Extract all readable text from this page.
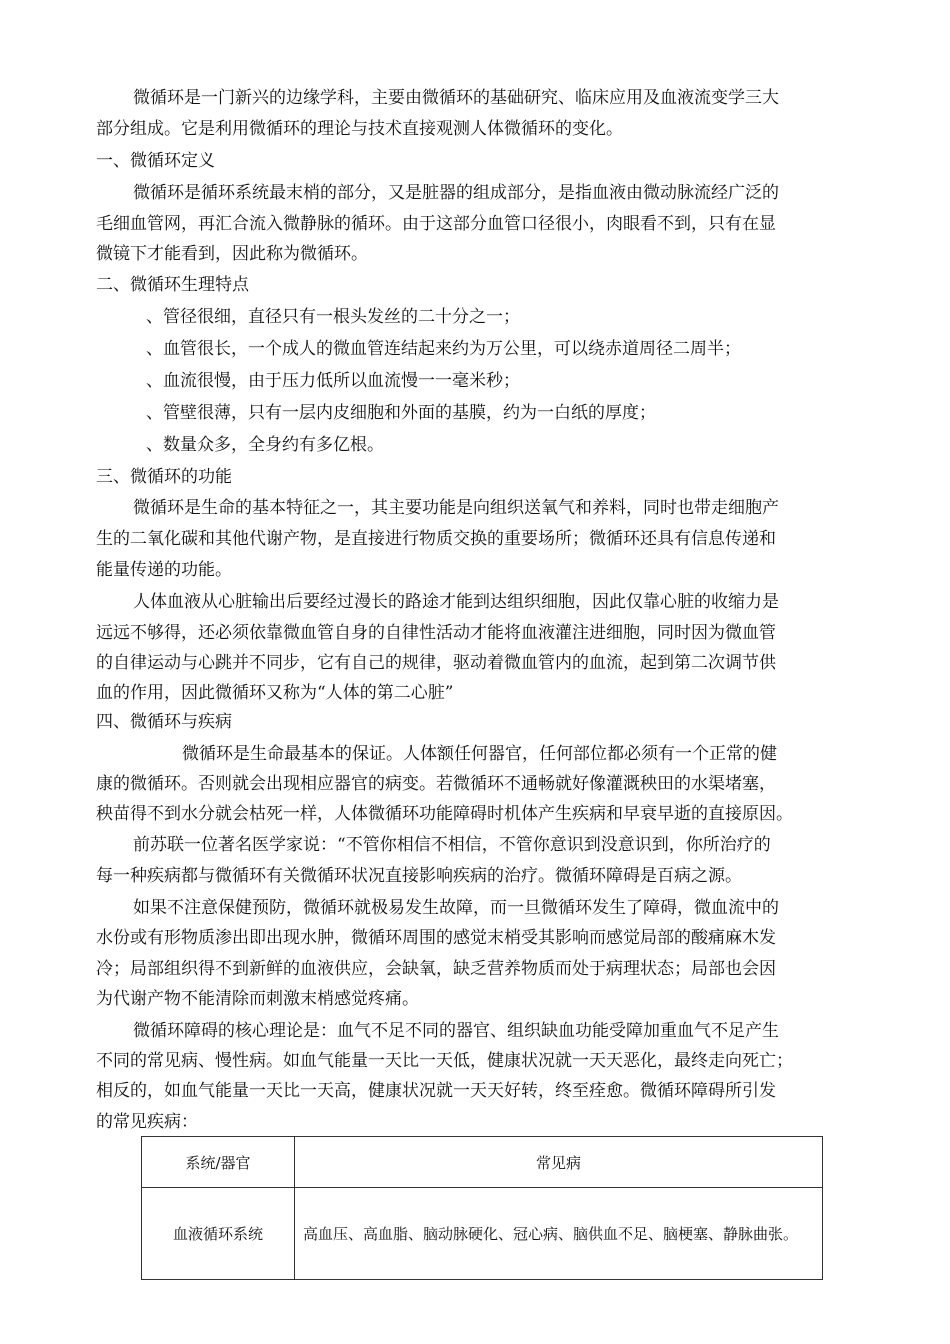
微循环是一门新兴的边缘学科，主要由微循环的基础研究、临床应用及血液流变学三大
部分组成。它是利用微循环的理论与技术直接观测人体微循环的变化。
一、微循环定义
微循环是循环系统最末梢的部分，又是脏器的组成部分，是指血液由微动脉流经广泛的
毛细血管网，再汇合流入微静脉的循环。由于这部分血管口径很小，肉眼看不到，只有在显
微镜下才能看到，因此称为微循环。
二、微循环生理特点
、管径很细，直径只有一根头发丝的二十分之一；
、血管很长，一个成人的微血管连结起来约为万公里，可以绕赤道周径二周半；
、血流很慢，由于压力低所以血流慢一一毫米秒；
、管壁很薄，只有一层内皮细胞和外面的基膜，约为一白纸的厚度；
、数量众多，全身约有多亿根。
三、微循环的功能
微循环是生命的基本特征之一，其主要功能是向组织送氧气和养料，同时也带走细胞产
生的二氧化碳和其他代谢产物，是直接进行物质交换的重要场所；微循环还具有信息传递和
能量传递的功能。
人体血液从心脏输出后要经过漫长的路途才能到达组织细胞，因此仅靠心脏的收缩力是
远远不够得，还必须依靠微血管自身的自律性活动才能将血液灌注进细胞，同时因为微血管
的自律运动与心跳并不同步，它有自己的规律，驱动着微血管内的血流，起到第二次调节供
血的作用，因此微循环又称为“人体的第二心脏”
四、微循环与疾病
微循环是生命最基本的保证。人体额任何器官，任何部位都必须有一个正常的健
康的微循环。否则就会出现相应器官的病变。若微循环不通畅就好像灌溉秧田的水渠堵塞，
秧苗得不到水分就会枯死一样，人体微循环功能障碍时机体产生疾病和早衰早逝的直接原因。
前苏联一位著名医学家说：“不管你相信不相信，不管你意识到没意识到，你所治疗的
每一种疾病都与微循环有关微循环状况直接影响疾病的治疗。微循环障碍是百病之源。
如果不注意保健预防，微循环就极易发生故障，而一旦微循环发生了障碍，微血流中的
水份或有形物质渗出即出现水肿，微循环周围的感觉末梢受其影响而感觉局部的酸痛麻木发
冷；局部组织得不到新鲜的血液供应，会缺氧，缺乏营养物质而处于病理状态；局部也会因
为代谢产物不能清除而刺激末梢感觉疼痛。
微循环障碍的核心理论是：血气不足不同的器官、组织缺血功能受障加重血气不足产生
不同的常见病、慢性病。如血气能量一天比一天低，健康状况就一天天恶化，最终走向死亡；
相反的，如血气能量一天比一天高，健康状况就一天天好转，终至痊愈。微循环障碍所引发
的常见疾病：
系统/器官	常见病
血液循环系统	高血压、高血脂、脑动脉硬化、冠心病、脑供血不足、脑梗塞、静脉曲张。
